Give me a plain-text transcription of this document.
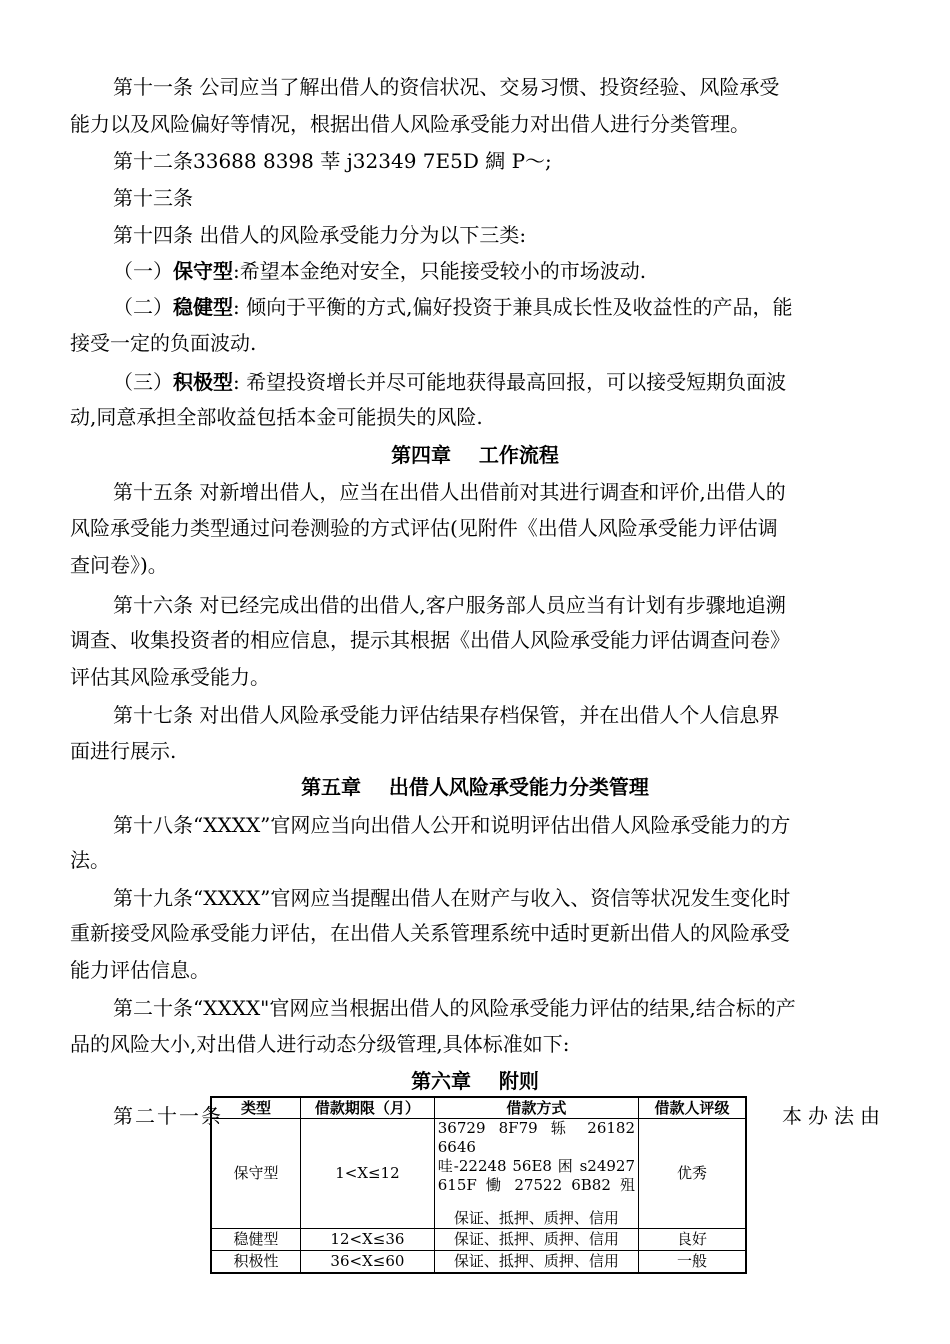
第十一条 公司应当了解出借人的资信状况、交易习惯、投资经验、风险承受
能力以及风险偏好等情况，根据出借人风险承受能力对出借人进行分类管理。
第十二条33688 8398 莘 j32349 7E5D 綢 P～;
第十三条
第十四条 出借人的风险承受能力分为以下三类:
（一）保守型:希望本金绝对安全，只能接受较小的市场波动.
（二）稳健型: 倾向于平衡的方式,偏好投资于兼具成长性及收益性的产品，能
接受一定的负面波动.
（三）积极型: 希望投资增长并尽可能地获得最高回报，可以接受短期负面波
动,同意承担全部收益包括本金可能损失的风险.
第四章    工作流程
第十五条 对新增出借人，应当在出借人出借前对其进行调查和评价,出借人的
风险承受能力类型通过问卷测验的方式评估(见附件《出借人风险承受能力评估调
查问卷》)。
第十六条 对已经完成出借的出借人,客户服务部人员应当有计划有步骤地追溯
调查、收集投资者的相应信息，提示其根据《出借人风险承受能力评估调查问卷》
评估其风险承受能力。
第十七条 对出借人风险承受能力评估结果存档保管，并在出借人个人信息界
面进行展示.
第五章    出借人风险承受能力分类管理
第十八条“XXXX”官网应当向出借人公开和说明评估出借人风险承受能力的方
法。
第十九条“XXXX”官网应当提醒出借人在财产与收入、资信等状况发生变化时
重新接受风险承受能力评估，在出借人关系管理系统中适时更新出借人的风险承受
能力评估信息。
第二十条“XXXX"官网应当根据出借人的风险承受能力评估的结果,结合标的产
品的风险大小,对出借人进行动态分级管理,具体标准如下:
第六章    附则
第二十一条	本办法由
类型	借款期限（月）	借款方式	借款人评级
保守型	1<X≤12	36729 8F79 轹 26182 6646
哇-22248 56E8 困 s24927
615F 慟 27522 6B82 殂
保证、抵押、质押、信用	优秀
稳健型	12<X≤36	保证、抵押、质押、信用	良好
积极性	36<X≤60	保证、抵押、质押、信用	一般
